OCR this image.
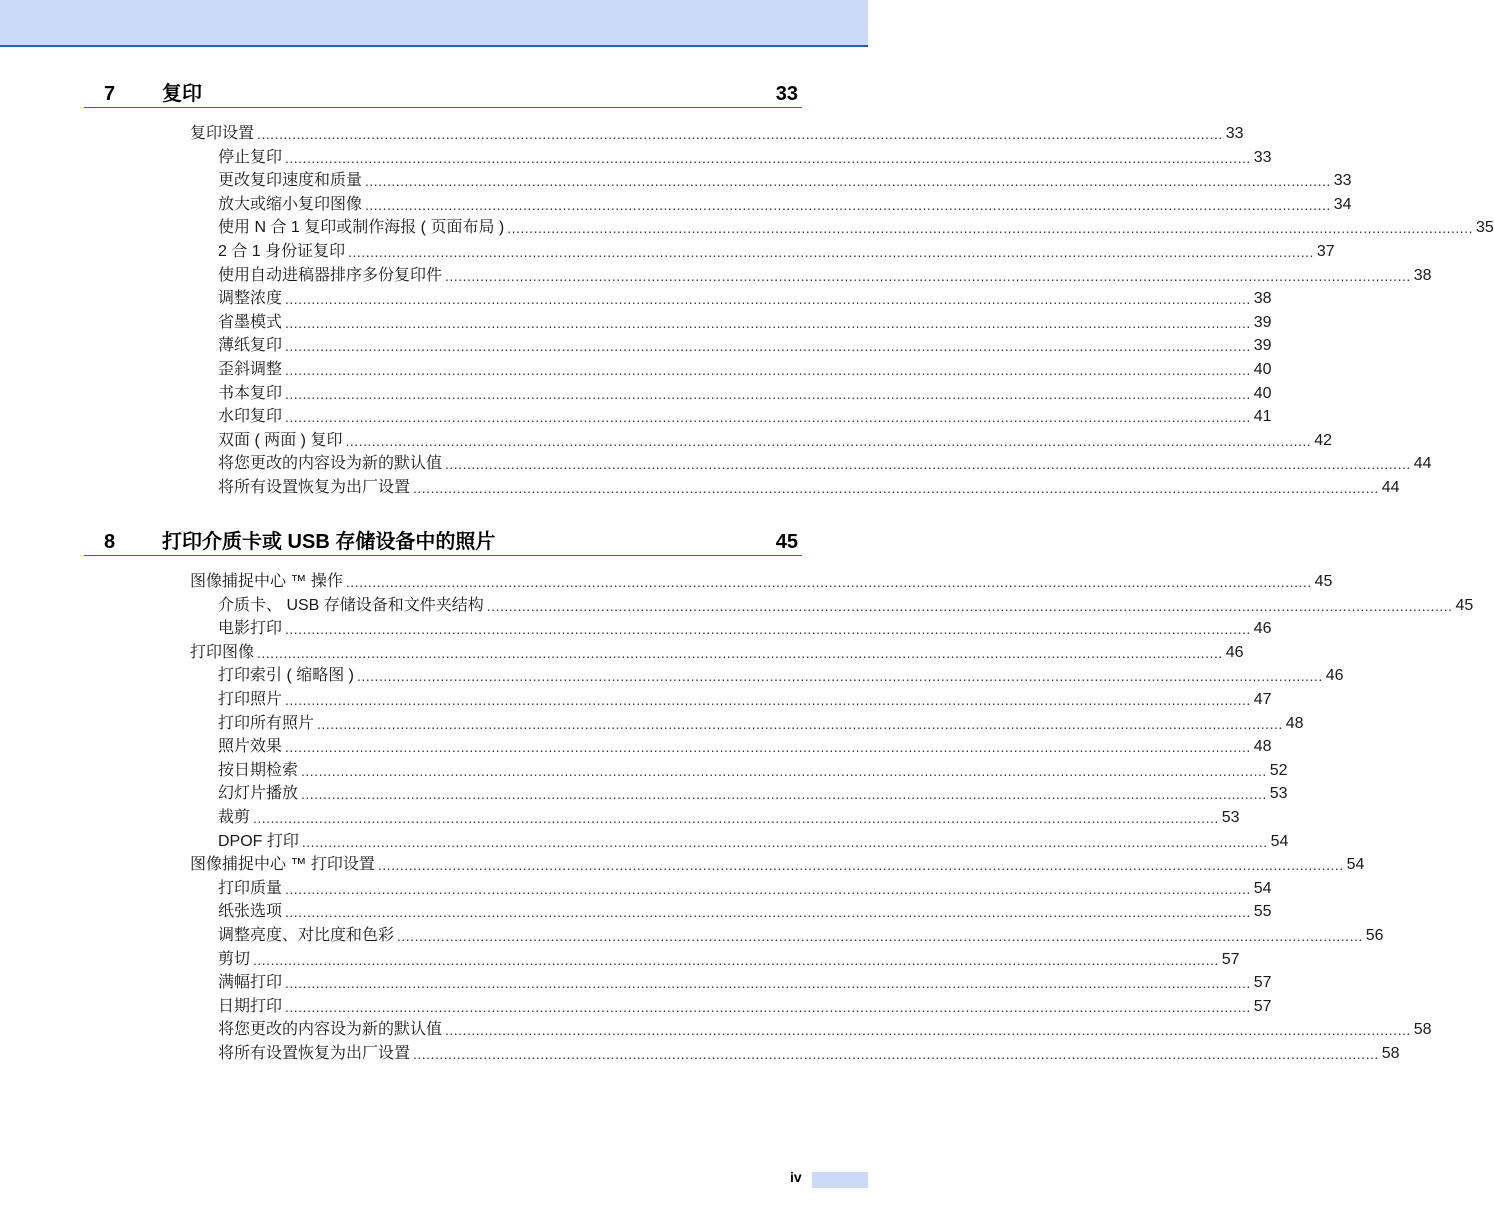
7 复印	33
8 打印介质卡或 USB 存储设备中的照片	45
复印设置 ............................................................................................................................................................................................................................ 33
停止复印 ............................................................................................................................................................................................................................ 33
更改复印速度和质量 ............................................................................................................................................................................................................................ 33
放大或缩小复印图像 ............................................................................................................................................................................................................................ 34
使用 N 合 1 复印或制作海报 ( 页面布局 ) ............................................................................................................................................................................................................................ 35
2 合 1 身份证复印 ............................................................................................................................................................................................................................ 37
使用自动进稿器排序多份复印件 ............................................................................................................................................................................................................................ 38
调整浓度 ............................................................................................................................................................................................................................ 38
省墨模式 ............................................................................................................................................................................................................................ 39
薄纸复印 ............................................................................................................................................................................................................................ 39
歪斜调整 ............................................................................................................................................................................................................................ 40
书本复印 ............................................................................................................................................................................................................................ 40
水印复印 ............................................................................................................................................................................................................................ 41
双面 ( 两面 ) 复印 ............................................................................................................................................................................................................................ 42
将您更改的内容设为新的默认值 ............................................................................................................................................................................................................................ 44
将所有设置恢复为出厂设置 ............................................................................................................................................................................................................................ 44
图像捕捉中心 ™ 操作 ............................................................................................................................................................................................................................ 45
介质卡、 USB 存储设备和文件夹结构 ............................................................................................................................................................................................................................ 45
电影打印 ............................................................................................................................................................................................................................ 46
打印图像 ............................................................................................................................................................................................................................ 46
打印索引 ( 缩略图 ) ............................................................................................................................................................................................................................ 46
打印照片 ............................................................................................................................................................................................................................ 47
打印所有照片 ............................................................................................................................................................................................................................ 48
照片效果 ............................................................................................................................................................................................................................ 48
按日期检索 ............................................................................................................................................................................................................................ 52
幻灯片播放 ............................................................................................................................................................................................................................ 53
裁剪 ............................................................................................................................................................................................................................ 53
DPOF 打印 ............................................................................................................................................................................................................................ 54
图像捕捉中心 ™ 打印设置 ............................................................................................................................................................................................................................ 54
打印质量 ............................................................................................................................................................................................................................ 54
纸张选项 ............................................................................................................................................................................................................................ 55
调整亮度、对比度和色彩 ............................................................................................................................................................................................................................ 56
剪切 ............................................................................................................................................................................................................................ 57
满幅打印 ............................................................................................................................................................................................................................ 57
日期打印 ............................................................................................................................................................................................................................ 57
将您更改的内容设为新的默认值 ............................................................................................................................................................................................................................ 58
将所有设置恢复为出厂设置 ............................................................................................................................................................................................................................ 58
iv
